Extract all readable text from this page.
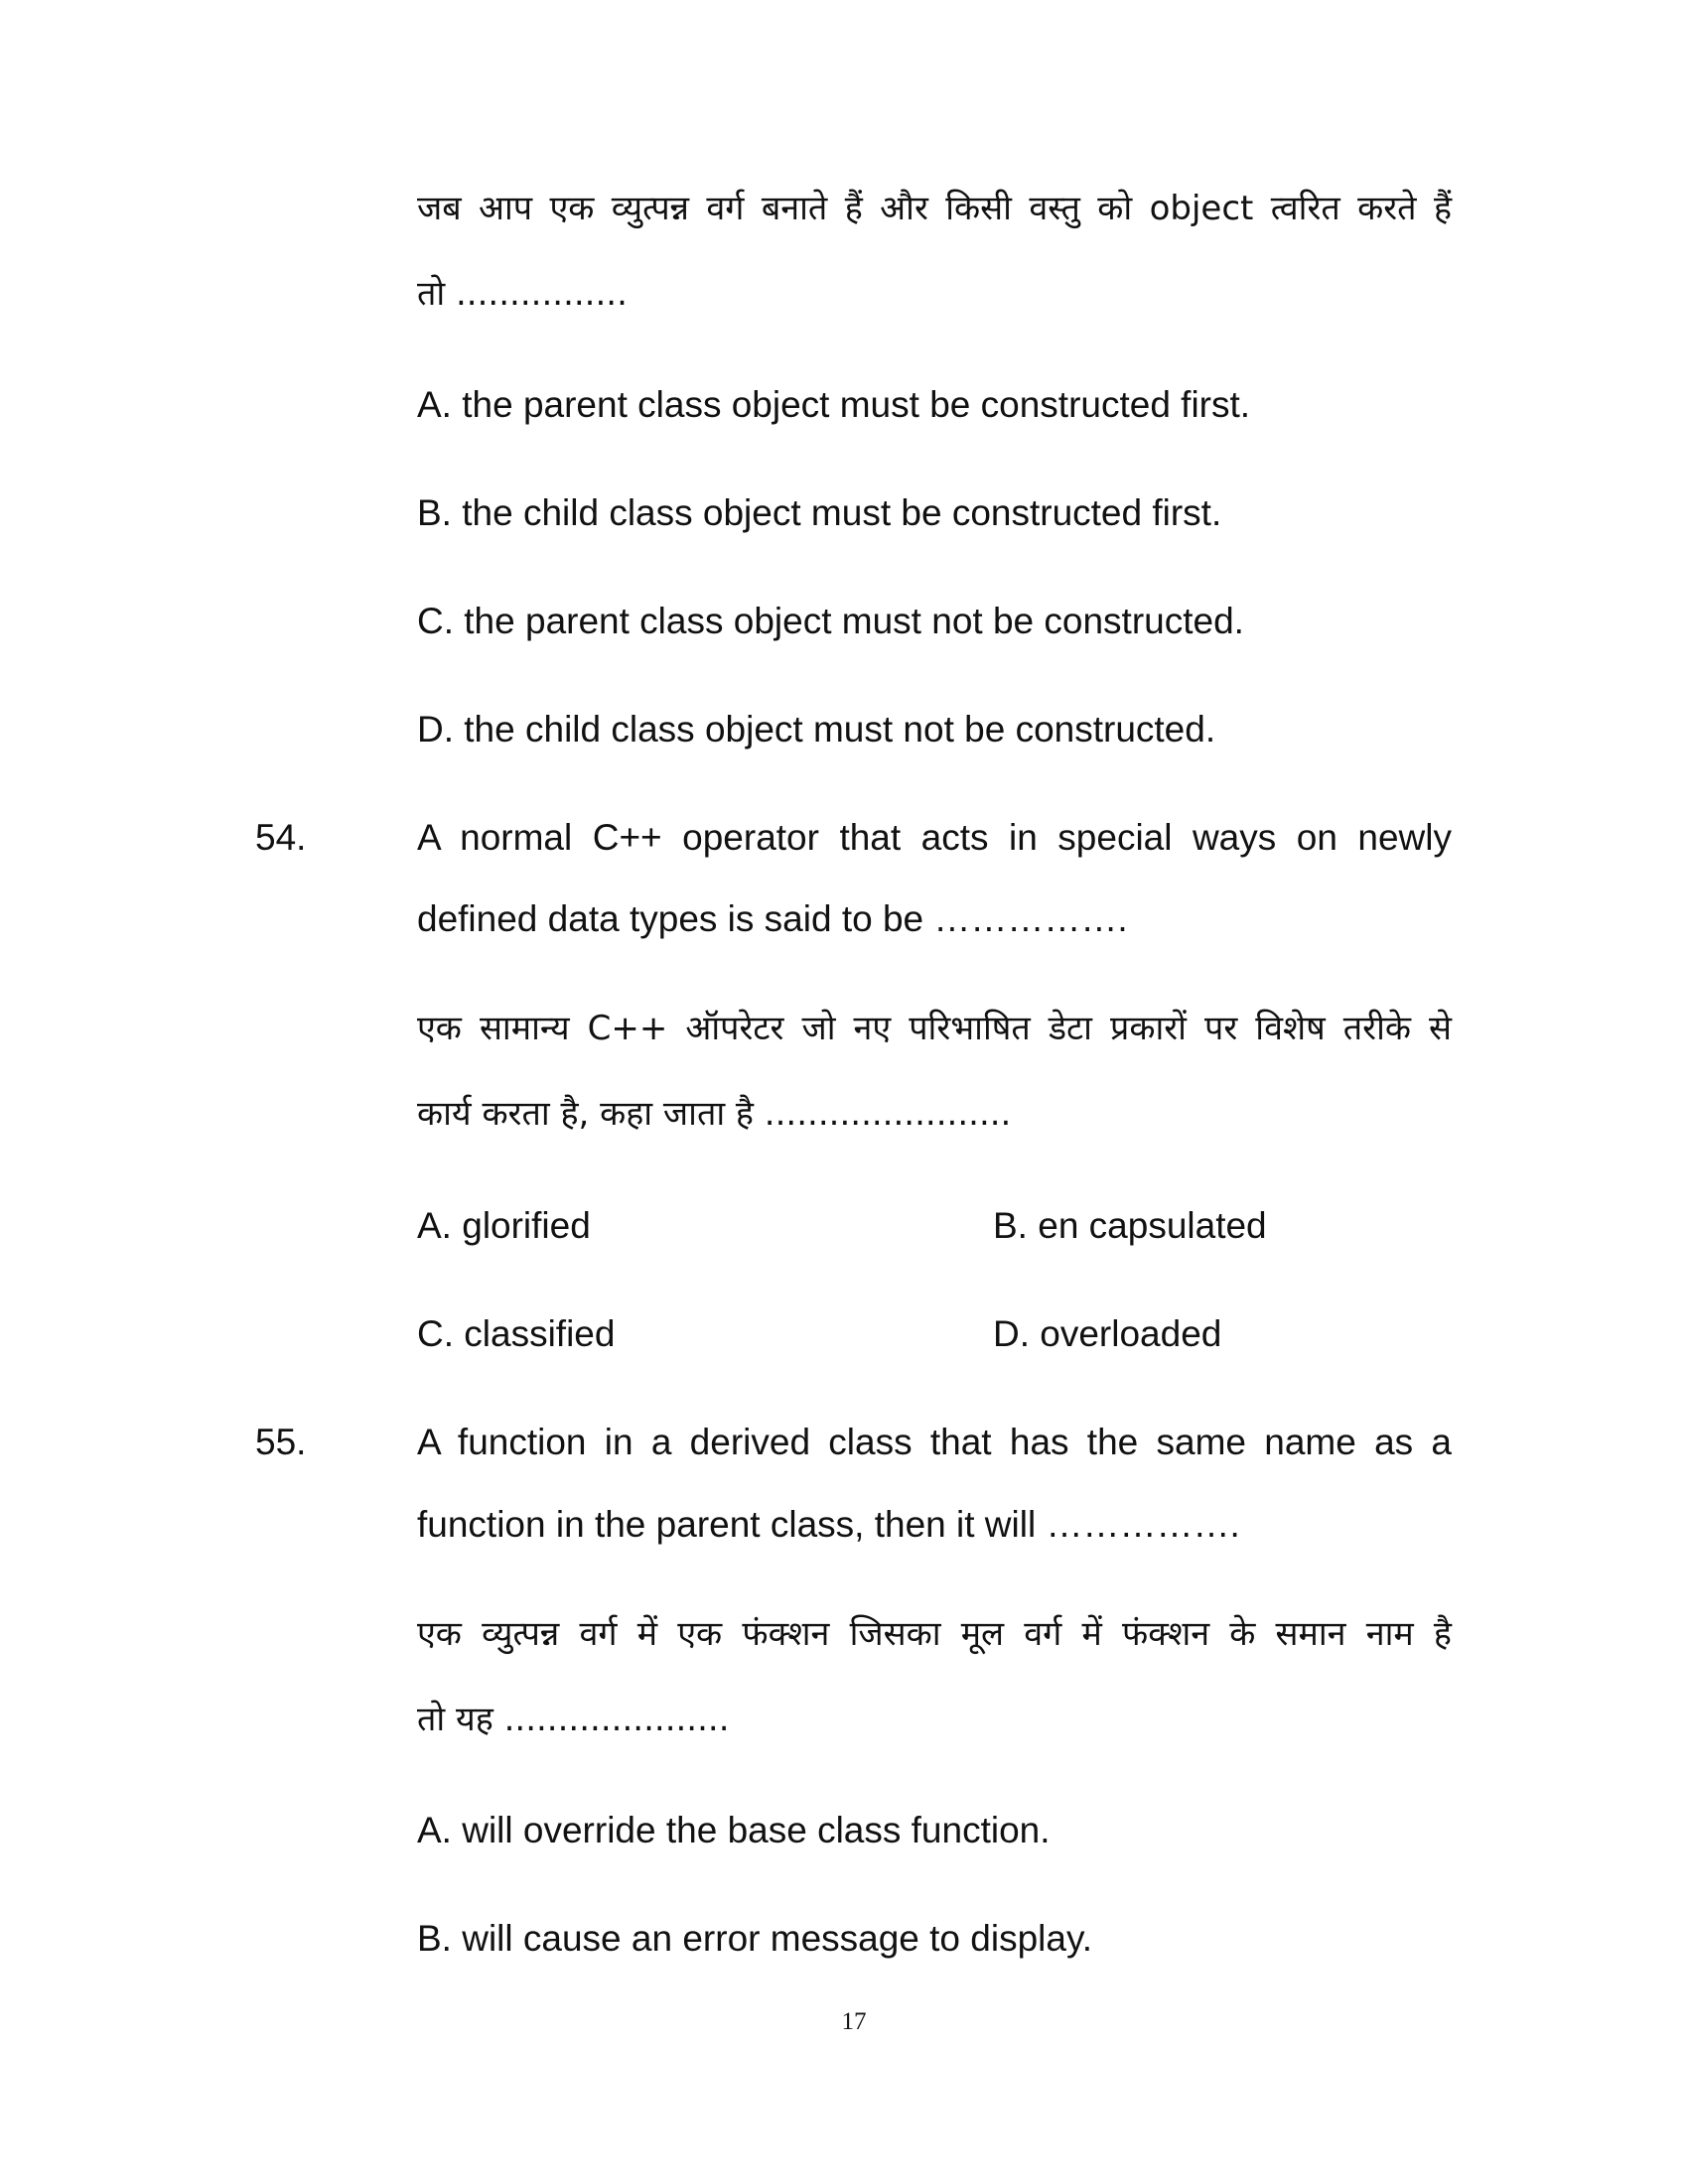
जब आप एक व्युत्पन्न वर्ग बनाते हैं और किसी वस्तु को object त्वरित करते हैं
तो ................
A. the parent class object must be constructed first.
B. the child class object must be constructed first.
C. the parent class object must not be constructed.
D. the child class object must not be constructed.
54.	A normal C++ operator that acts in special ways on newly
defined data types is said to be …………….
एक सामान्य C++ ऑपरेटर जो नए परिभाषित डेटा प्रकारों पर विशेष तरीके से
कार्य करता है, कहा जाता है .......................
A. glorified	B. en capsulated
C. classified	D. overloaded
55.	A function in a derived class that has the same name as a
function in the parent class, then it will …………….
एक व्युत्पन्न वर्ग में एक फंक्शन जिसका मूल वर्ग में फंक्शन के समान नाम है
तो यह .....................
A. will override the base class function.
B. will cause an error message to display.
17
